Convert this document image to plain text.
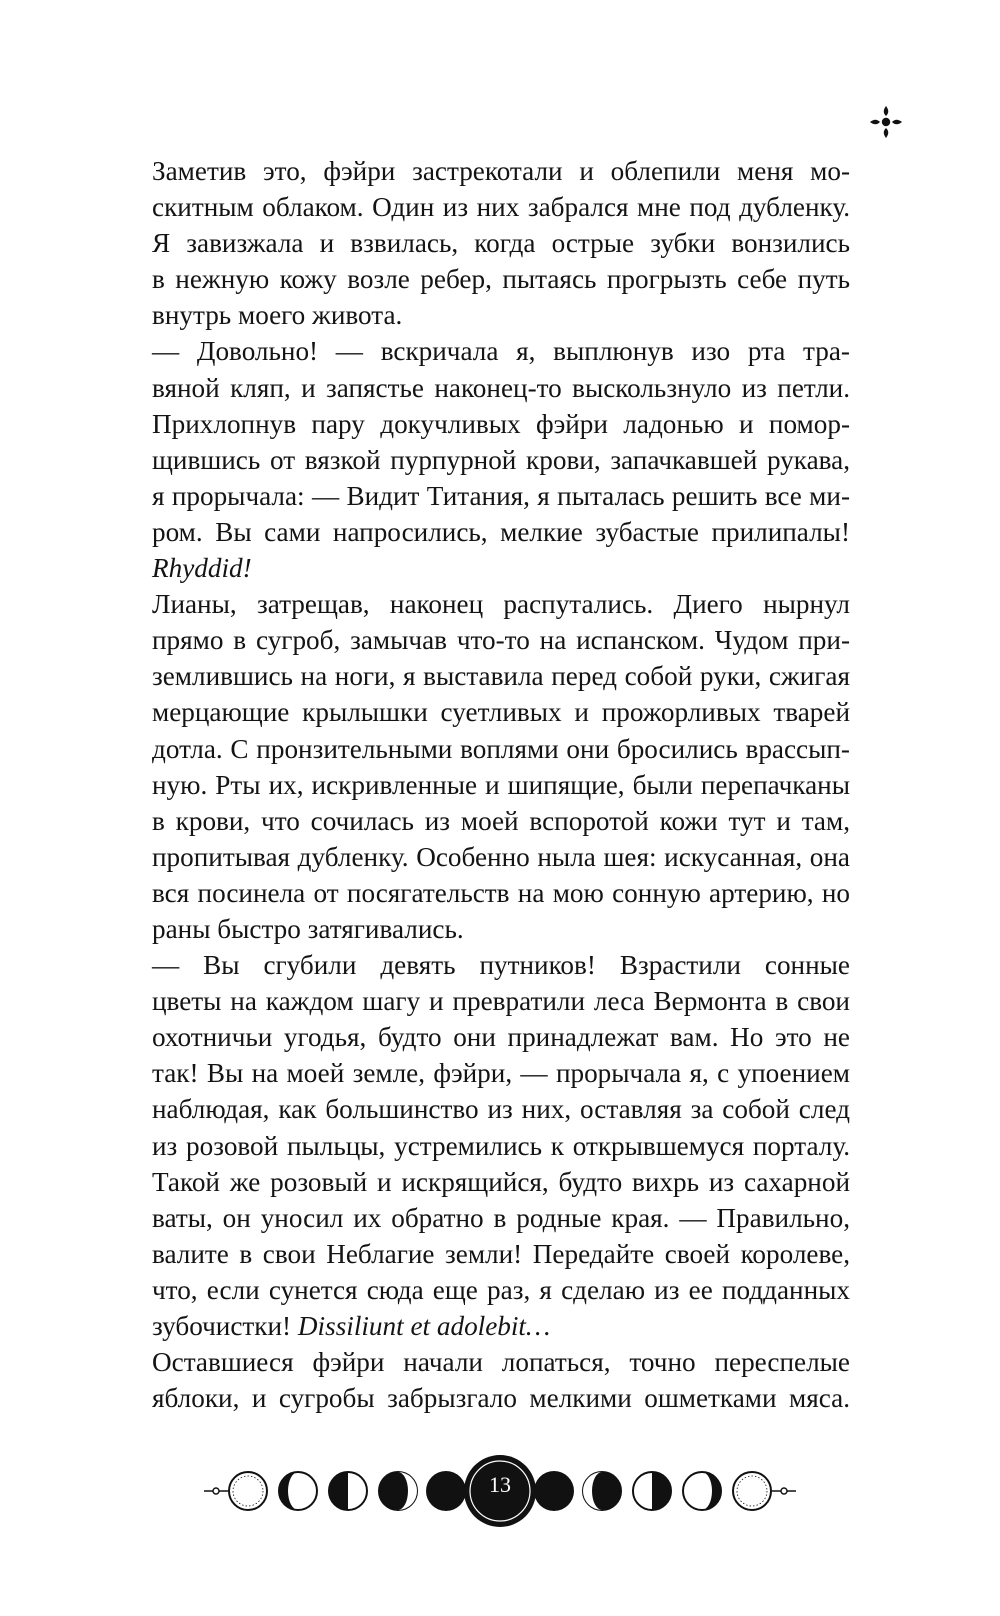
Заметив это, фэйри застрекотали и облепили меня мо-
скитным облаком. Один из них забрался мне под дубленку.
Я завизжала и взвилась, когда острые зубки вонзились
в нежную кожу возле ребер, пытаясь прогрызть себе путь
внутрь моего живота.

— Довольно! — вскричала я, выплюнув изо рта тра-
вяной кляп, и запястье наконец-то выскользнуло из петли.
Прихлопнув пару докучливых фэйри ладонью и помор-
щившись от вязкой пурпурной крови, запачкавшей рукава,
я прорычала: — Видит Титания, я пыталась решить все ми-
ром. Вы сами напросились, мелкие зубастые прилипалы!
Rhyddid!

Лианы, затрещав, наконец распутались. Диего нырнул
прямо в сугроб, замычав что-то на испанском. Чудом при-
землившись на ноги, я выставила перед собой руки, сжигая
мерцающие крылышки суетливых и прожорливых тварей
дотла. С пронзительными воплями они бросились врассып-
ную. Рты их, искривленные и шипящие, были перепачканы
в крови, что сочилась из моей вспоротой кожи тут и там,
пропитывая дубленку. Особенно ныла шея: искусанная, она
вся посинела от посягательств на мою сонную артерию, но
раны быстро затягивались.

— Вы сгубили девять путников! Взрастили сонные
цветы на каждом шагу и превратили леса Вермонта в свои
охотничьи угодья, будто они принадлежат вам. Но это не
так! Вы на моей земле, фэйри, — прорычала я, с упоением
наблюдая, как большинство из них, оставляя за собой след
из розовой пыльцы, устремились к открывшемуся порталу.
Такой же розовый и искрящийся, будто вихрь из сахарной
ваты, он уносил их обратно в родные края. — Правильно,
валите в свои Неблагие земли! Передайте своей королеве,
что, если сунется сюда еще раз, я сделаю из ее подданных
зубочистки! Dissiliunt et adolebit…

Оставшиеся фэйри начали лопаться, точно переспелые
яблоки, и сугробы забрызгало мелкими ошметками мяса.

13
